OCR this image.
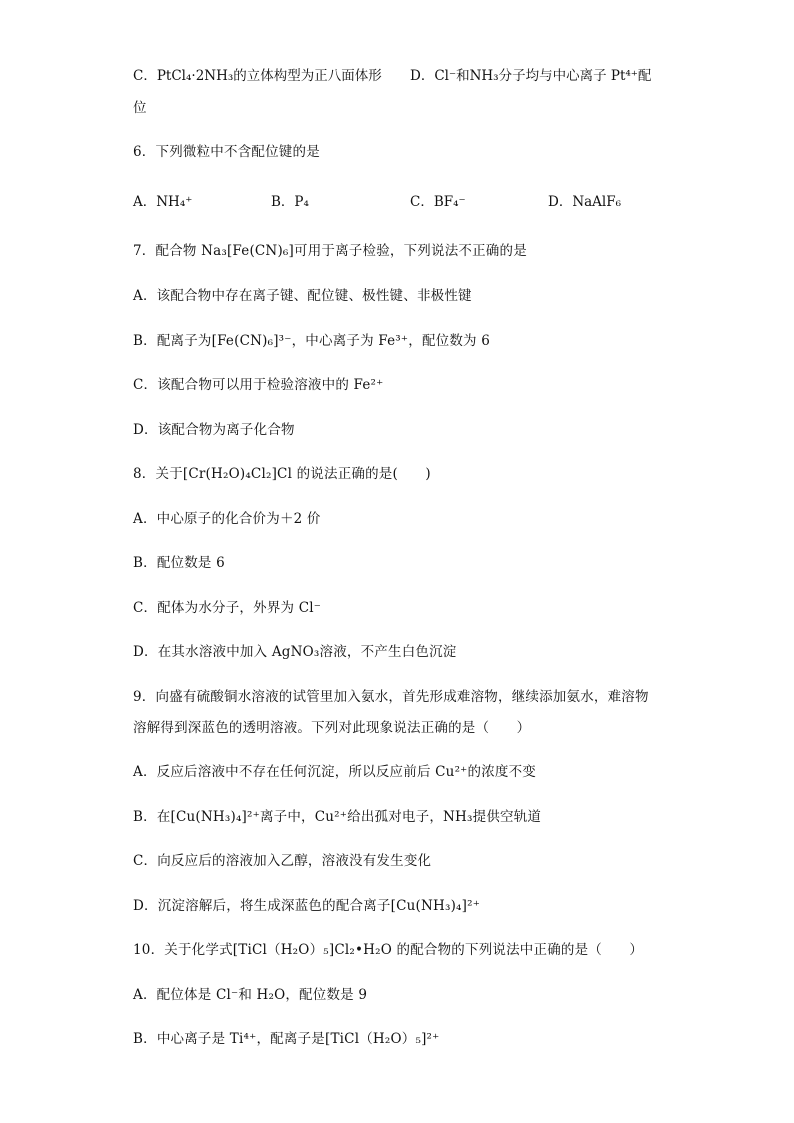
C．PtCl₄·2NH₃的立体构型为正八面体形 D．Cl⁻和NH₃分子均与中心离子 Pt⁴⁺配
位
6．下列微粒中不含配位键的是
A．NH₄⁺	B．P₄	C．BF₄⁻	D．NaAlF₆
7．配合物 Na₃[Fe(CN)₆]可用于离子检验，下列说法不正确的是
A．该配合物中存在离子键、配位键、极性键、非极性键
B．配离子为[Fe(CN)₆]³⁻，中心离子为 Fe³⁺，配位数为 6
C．该配合物可以用于检验溶液中的 Fe²⁺
D．该配合物为离子化合物
8．关于[Cr(H₂O)₄Cl₂]Cl 的说法正确的是(　　)
A．中心原子的化合价为＋2 价
B．配位数是 6
C．配体为水分子，外界为 Cl⁻
D．在其水溶液中加入 AgNO₃溶液，不产生白色沉淀
9．向盛有硫酸铜水溶液的试管里加入氨水，首先形成难溶物，继续添加氨水，难溶物
溶解得到深蓝色的透明溶液。下列对此现象说法正确的是（　　）
A．反应后溶液中不存在任何沉淀，所以反应前后 Cu²⁺的浓度不变
B．在[Cu(NH₃)₄]²⁺离子中，Cu²⁺给出孤对电子，NH₃提供空轨道
C．向反应后的溶液加入乙醇，溶液没有发生变化
D．沉淀溶解后，将生成深蓝色的配合离子[Cu(NH₃)₄]²⁺
10．关于化学式[TiCl（H₂O）₅]Cl₂•H₂O 的配合物的下列说法中正确的是（　　）
A．配位体是 Cl⁻和 H₂O，配位数是 9
B．中心离子是 Ti⁴⁺，配离子是[TiCl（H₂O）₅]²⁺
